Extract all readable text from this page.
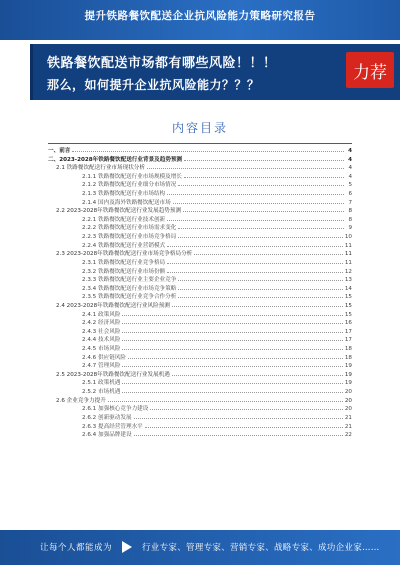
提升铁路餐饮配送企业抗风险能力策略研究报告
铁路餐饮配送市场都有哪些风险！！！
那么，如何提升企业抗风险能力？？？
力荐
内容目录
一、前言	4
二、2023-2028年铁路餐饮配送行业背景及趋势预测	4
2.1 铁路餐饮配送行业市场现状分析	4
2.1.1 铁路餐饮配送行业市场规模及增长	4
2.1.2 铁路餐饮配送行业细分市场情况	5
2.1.3 铁路餐饮配送行业市场结构	6
2.1.4 国内及海外铁路餐饮配送市场	7
2.2 2023-2028年铁路餐饮配送行业发展趋势预测	8
2.2.1 铁路餐饮配送行业技术创新	8
2.2.2 铁路餐饮配送行业市场需求变化	9
2.2.3 铁路餐饮配送行业市场竞争格局	10
2.2.4 铁路餐饮配送行业营销模式	11
2.3 2023-2028年铁路餐饮配送行业市场竞争格局分析	11
2.3.1 铁路餐饮配送行业竞争格局	11
2.3.2 铁路餐饮配送行业市场份额	12
2.3.3 铁路餐饮配送行业主要企业竞争	13
2.3.4 铁路餐饮配送行业市场竞争策略	14
2.3.5 铁路餐饮配送行业竞争合作分析	15
2.4 2023-2028年铁路餐饮配送行业风险预测	15
2.4.1 政策风险	15
2.4.2 经济风险	16
2.4.3 社会风险	17
2.4.4 技术风险	17
2.4.5 市场风险	18
2.4.6 供应链风险	18
2.4.7 管理风险	19
2.5 2023-2028年铁路餐饮配送行业发展机遇	19
2.5.1 政策机遇	19
2.5.2 市场机遇	20
2.6 企业竞争力提升	20
2.6.1 加强核心竞争力建设	20
2.6.2 创新驱动发展	21
2.6.3 提高经营管理水平	21
2.6.4 加强品牌建设	22
让每个人都能成为	行业专家、管理专家、营销专家、战略专家、成功企业家……
